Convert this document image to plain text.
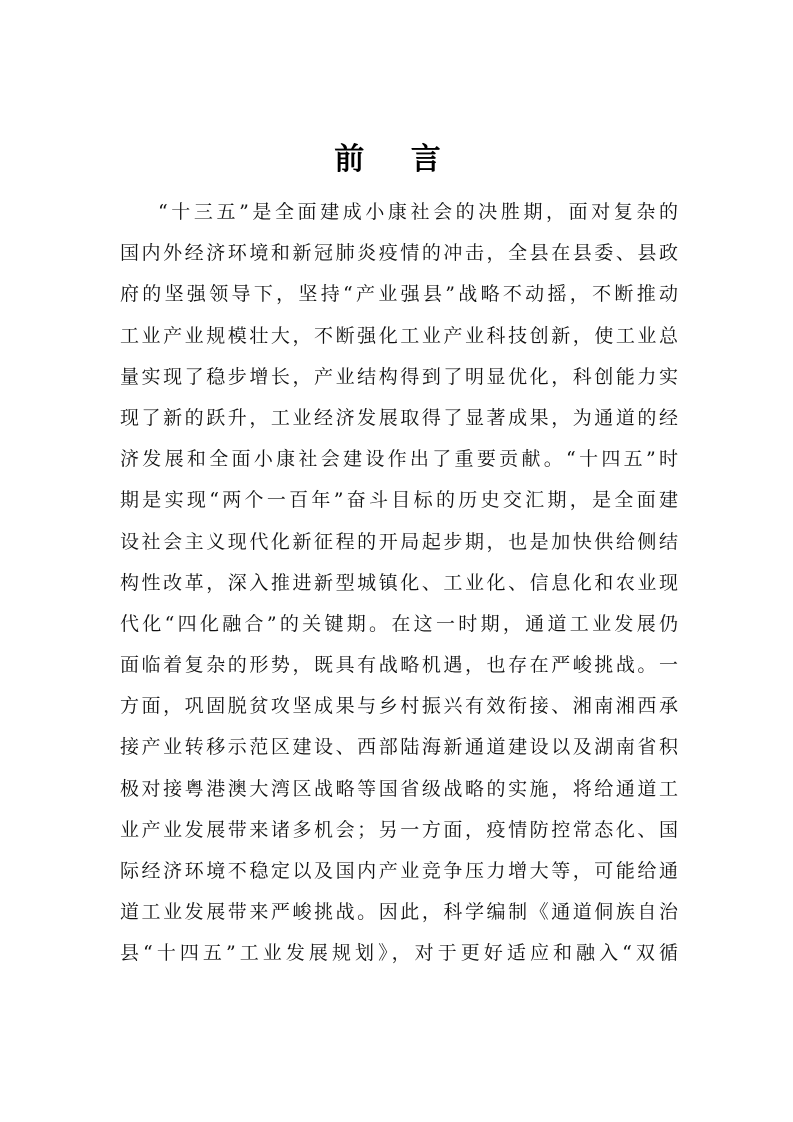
前 言
“十三五”是全面建成小康社会的决胜期，面对复杂的
国内外经济环境和新冠肺炎疫情的冲击，全县在县委、县政
府的坚强领导下，坚持“产业强县”战略不动摇，不断推动
工业产业规模壮大，不断强化工业产业科技创新，使工业总
量实现了稳步增长，产业结构得到了明显优化，科创能力实
现了新的跃升，工业经济发展取得了显著成果，为通道的经
济发展和全面小康社会建设作出了重要贡献。“十四五”时
期是实现“两个一百年”奋斗目标的历史交汇期，是全面建
设社会主义现代化新征程的开局起步期，也是加快供给侧结
构性改革，深入推进新型城镇化、工业化、信息化和农业现
代化“四化融合”的关键期。在这一时期，通道工业发展仍
面临着复杂的形势，既具有战略机遇，也存在严峻挑战。一
方面，巩固脱贫攻坚成果与乡村振兴有效衔接、湘南湘西承
接产业转移示范区建设、西部陆海新通道建设以及湖南省积
极对接粤港澳大湾区战略等国省级战略的实施，将给通道工
业产业发展带来诸多机会；另一方面，疫情防控常态化、国
际经济环境不稳定以及国内产业竞争压力增大等，可能给通
道工业发展带来严峻挑战。因此，科学编制《通道侗族自治
县“十四五”工业发展规划》，对于更好适应和融入“双循
